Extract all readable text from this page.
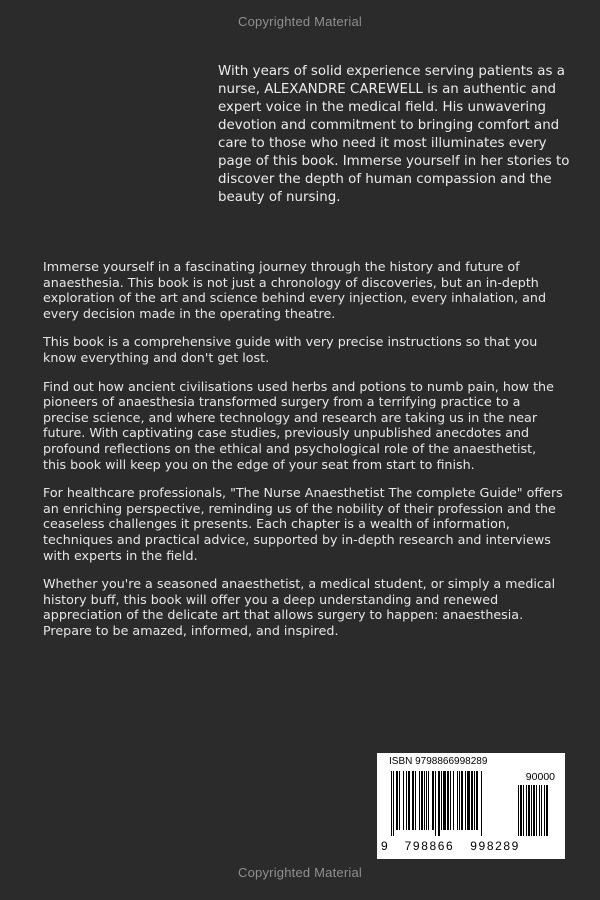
Copyrighted Material

With years of solid experience serving patients as a nurse, ALEXANDRE CAREWELL is an authentic and expert voice in the medical field. His unwavering devotion and commitment to bringing comfort and care to those who need it most illuminates every page of this book. Immerse yourself in her stories to discover the depth of human compassion and the beauty of nursing.

Immerse yourself in a fascinating journey through the history and future of anaesthesia. This book is not just a chronology of discoveries, but an in-depth exploration of the art and science behind every injection, every inhalation, and every decision made in the operating theatre.

This book is a comprehensive guide with very precise instructions so that you know everything and don't get lost.

Find out how ancient civilisations used herbs and potions to numb pain, how the pioneers of anaesthesia transformed surgery from a terrifying practice to a precise science, and where technology and research are taking us in the near future. With captivating case studies, previously unpublished anecdotes and profound reflections on the ethical and psychological role of the anaesthetist, this book will keep you on the edge of your seat from start to finish.

For healthcare professionals, "The Nurse Anaesthetist The complete Guide" offers an enriching perspective, reminding us of the nobility of their profession and the ceaseless challenges it presents. Each chapter is a wealth of information, techniques and practical advice, supported by in-depth research and interviews with experts in the field.

Whether you're a seasoned anaesthetist, a medical student, or simply a medical history buff, this book will offer you a deep understanding and renewed appreciation of the delicate art that allows surgery to happen: anaesthesia. Prepare to be amazed, informed, and inspired.

ISBN 9798866998289
90000
9 798866 998289
Copyrighted Material
